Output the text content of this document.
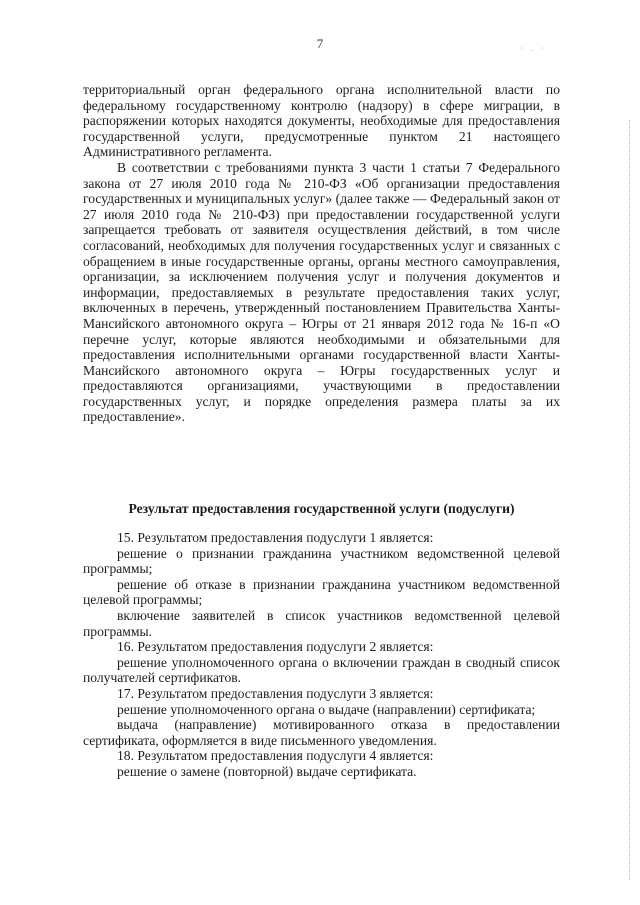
7	· . ·

территориальный орган федерального органа исполнительной власти по федеральному государственному контролю (надзору) в сфере миграции, в распоряжении которых находятся документы, необходимые для предоставления государственной услуги, предусмотренные пунктом 21 настоящего Административного регламента.

В соответствии с требованиями пункта 3 части 1 статьи 7 Федерального закона от 27 июля 2010 года № 210-ФЗ «Об организации предоставления государственных и муниципальных услуг» (далее также — Федеральный закон от 27 июля 2010 года № 210-ФЗ) при предоставлении государственной услуги запрещается требовать от заявителя осуществления действий, в том числе согласований, необходимых для получения государственных услуг и связанных с обращением в иные государственные органы, органы местного самоуправления, организации, за исключением получения услуг и получения документов и информации, предоставляемых в результате предоставления таких услуг, включенных в перечень, утвержденный постановлением Правительства Ханты-Мансийского автономного округа – Югры от 21 января 2012 года № 16-п «О перечне услуг, которые являются необходимыми и обязательными для предоставления исполнительными органами государственной власти Ханты-Мансийского автономного округа – Югры государственных услуг и предоставляются организациями, участвующими в предоставлении государственных услуг, и порядке определения размера платы за их предоставление».

Результат предоставления государственной услуги (подуслуги)

15. Результатом предоставления подуслуги 1 является:

решение о признании гражданина участником ведомственной целевой программы;

решение об отказе в признании гражданина участником ведомственной целевой программы;

включение заявителей в список участников ведомственной целевой программы.

16. Результатом предоставления подуслуги 2 является:

решение уполномоченного органа о включении граждан в сводный список получателей сертификатов.

17. Результатом предоставления подуслуги 3 является:

решение уполномоченного органа о выдаче (направлении) сертификата;

выдача (направление) мотивированного отказа в предоставлении сертификата, оформляется в виде письменного уведомления.

18. Результатом предоставления подуслуги 4 является:

решение о замене (повторной) выдаче сертификата.
